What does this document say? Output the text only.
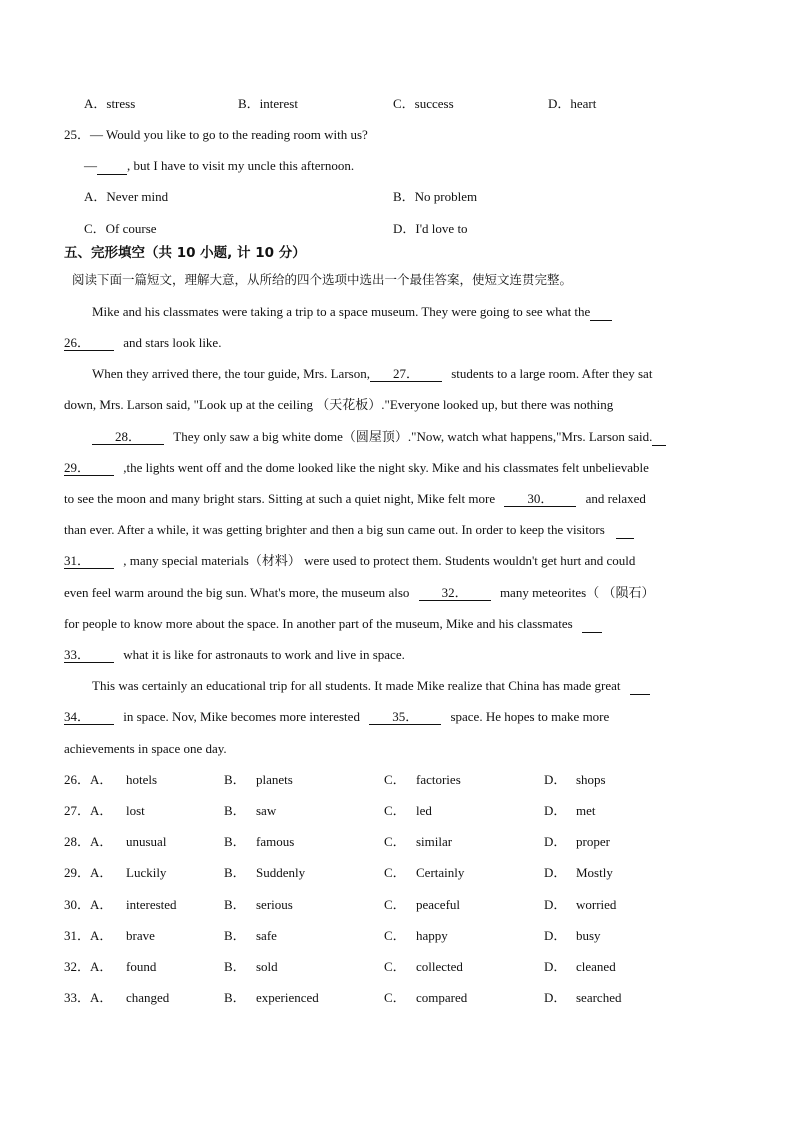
A．stress	B．interest	C．success	D．heart
25．— Would you like to go to the reading room with us?
— , but I have to visit my uncle this afternoon.
A．Never mind	B．No problem
C．Of course	D．I'd love to
五、完形填空（共 10 小题, 计 10 分）
阅读下面一篇短文，理解大意，从所给的四个选项中选出一个最佳答案，使短文连贯完整。
Mike and his classmates were taking a trip to a space museum. They were going to see what the
26．	and stars look like.
When they arrived there, the tour guide, Mrs. Larson, 27． students to a large room. After they sat
down, Mrs. Larson said, "Look up at the ceiling （天花板）."Everyone looked up, but there was nothing
28． They only saw a big white dome（圆屋顶）."Now, watch what happens,"Mrs. Larson said.
29．	,the lights went off and the dome looked like the night sky. Mike and his classmates felt unbelievable
to see the moon and many bright stars. Sitting at such a quiet night, Mike felt more 30． and relaxed
than ever. After a while, it was getting brighter and then a big sun came out. In order to keep the visitors
31．	, many special materials（材料） were used to protect them. Students wouldn't get hurt and could
even feel warm around the big sun. What's more, the museum also 32． many meteorites（ （陨石）
for people to know more about the space. In another part of the museum, Mike and his classmates
33．	what it is like for astronauts to work and live in space.
This was certainly an educational trip for all students. It made Mike realize that China has made great
34．	in space. Nov, Mike becomes more interested 35． space. He hopes to make more
achievements in space one day.
26．A． hotels	B． planets	C． factories	D． shops
27．A． lost	B． saw	C． led	D． met
28．A． unusual	B． famous	C． similar	D． proper
29．A． Luckily	B． Suddenly	C． Certainly	D． Mostly
30．A． interested	B． serious	C． peaceful	D． worried
31．A． brave	B． safe	C． happy	D． busy
32．A． found	B． sold	C． collected	D． cleaned
33．A． changed	B． experienced	C． compared	D． searched
